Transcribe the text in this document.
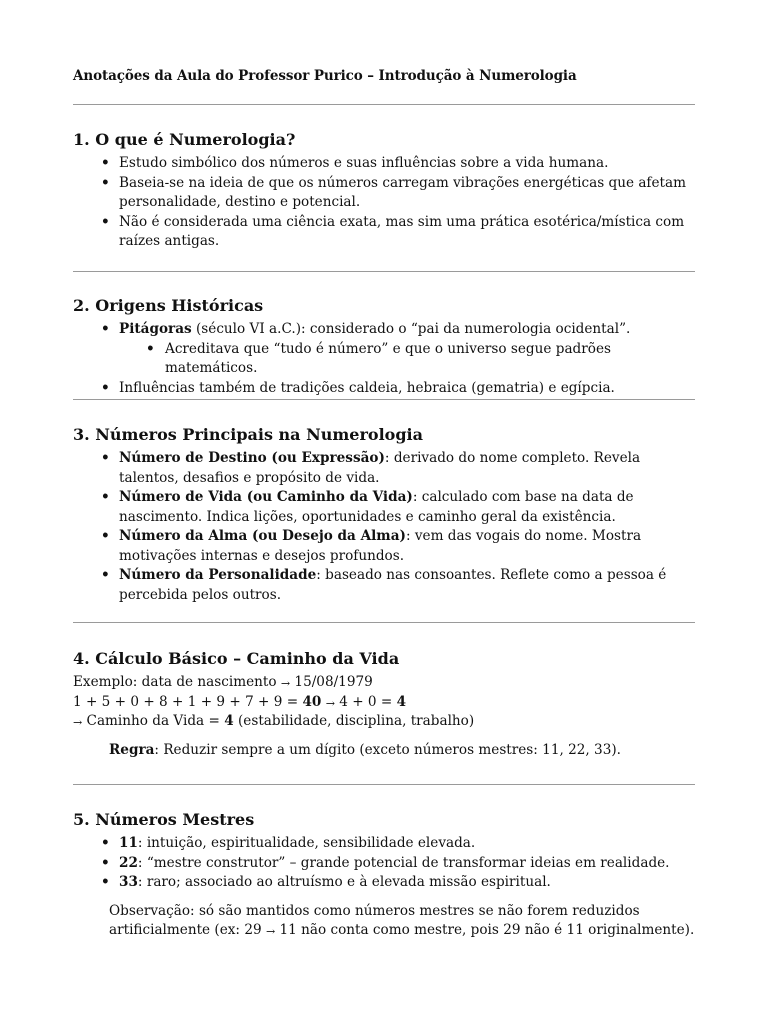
Anotações da Aula do Professor Purico – Introdução à Numerologia
1. O que é Numerologia?
• Estudo simbólico dos números e suas influências sobre a vida humana.
• Baseia-se na ideia de que os números carregam vibrações energéticas que afetam personalidade, destino e potencial.
• Não é considerada uma ciência exata, mas sim uma prática esotérica/mística com raízes antigas.
2. Origens Históricas
• Pitágoras (século VI a.C.): considerado o “pai da numerologia ocidental”.
• Acreditava que “tudo é número” e que o universo segue padrões matemáticos.
• Influências também de tradições caldeia, hebraica (gematria) e egípcia.
3. Números Principais na Numerologia
• Número de Destino (ou Expressão): derivado do nome completo. Revela talentos, desafios e propósito de vida.
• Número de Vida (ou Caminho da Vida): calculado com base na data de nascimento. Indica lições, oportunidades e caminho geral da existência.
• Número da Alma (ou Desejo da Alma): vem das vogais do nome. Mostra motivações internas e desejos profundos.
• Número da Personalidade: baseado nas consoantes. Reflete como a pessoa é percebida pelos outros.
4. Cálculo Básico – Caminho da Vida
Exemplo: data de nascimento → 15/08/1979
1 + 5 + 0 + 8 + 1 + 9 + 7 + 9 = 40 → 4 + 0 = 4
→ Caminho da Vida = 4 (estabilidade, disciplina, trabalho)
Regra: Reduzir sempre a um dígito (exceto números mestres: 11, 22, 33).
5. Números Mestres
• 11: intuição, espiritualidade, sensibilidade elevada.
• 22: “mestre construtor” – grande potencial de transformar ideias em realidade.
• 33: raro; associado ao altruísmo e à elevada missão espiritual.
Observação: só são mantidos como números mestres se não forem reduzidos artificialmente (ex: 29 → 11 não conta como mestre, pois 29 não é 11 originalmente).
